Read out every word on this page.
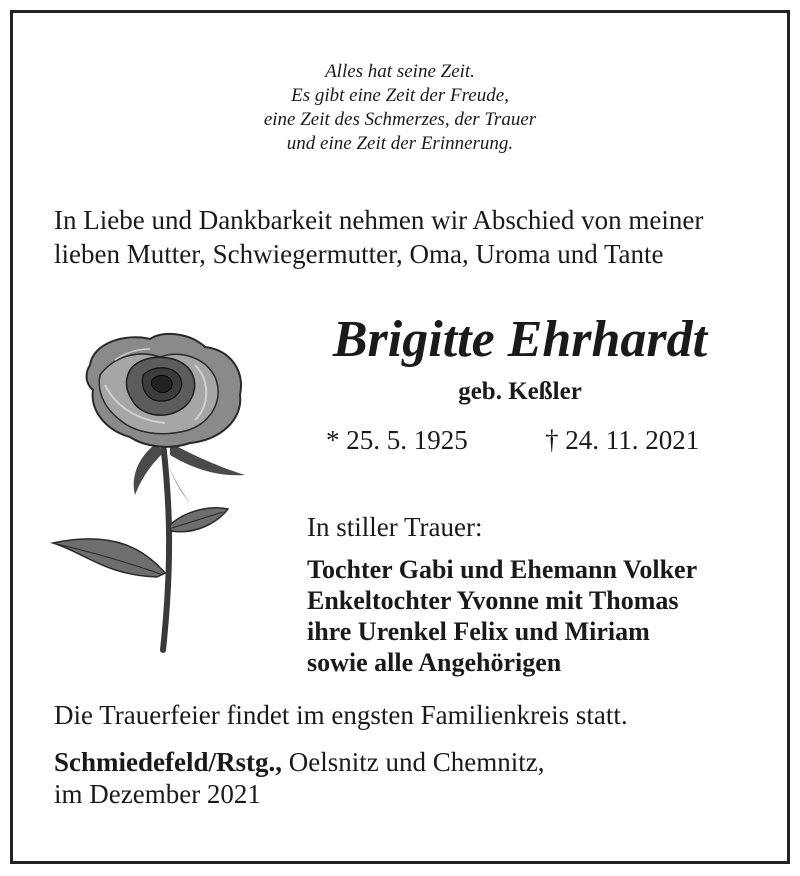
Alles hat seine Zeit.
Es gibt eine Zeit der Freude,
eine Zeit des Schmerzes, der Trauer
und eine Zeit der Erinnerung.
In Liebe und Dankbarkeit nehmen wir Abschied von meiner
lieben Mutter, Schwiegermutter, Oma, Uroma und Tante
Brigitte Ehrhardt
geb. Keßler
* 25. 5. 1925	† 24. 11. 2021
In stiller Trauer:
Tochter Gabi und Ehemann Volker
Enkeltochter Yvonne mit Thomas
ihre Urenkel Felix und Miriam
sowie alle Angehörigen
Die Trauerfeier findet im engsten Familienkreis statt.
Schmiedefeld/Rstg., Oelsnitz und Chemnitz,
im Dezember 2021
